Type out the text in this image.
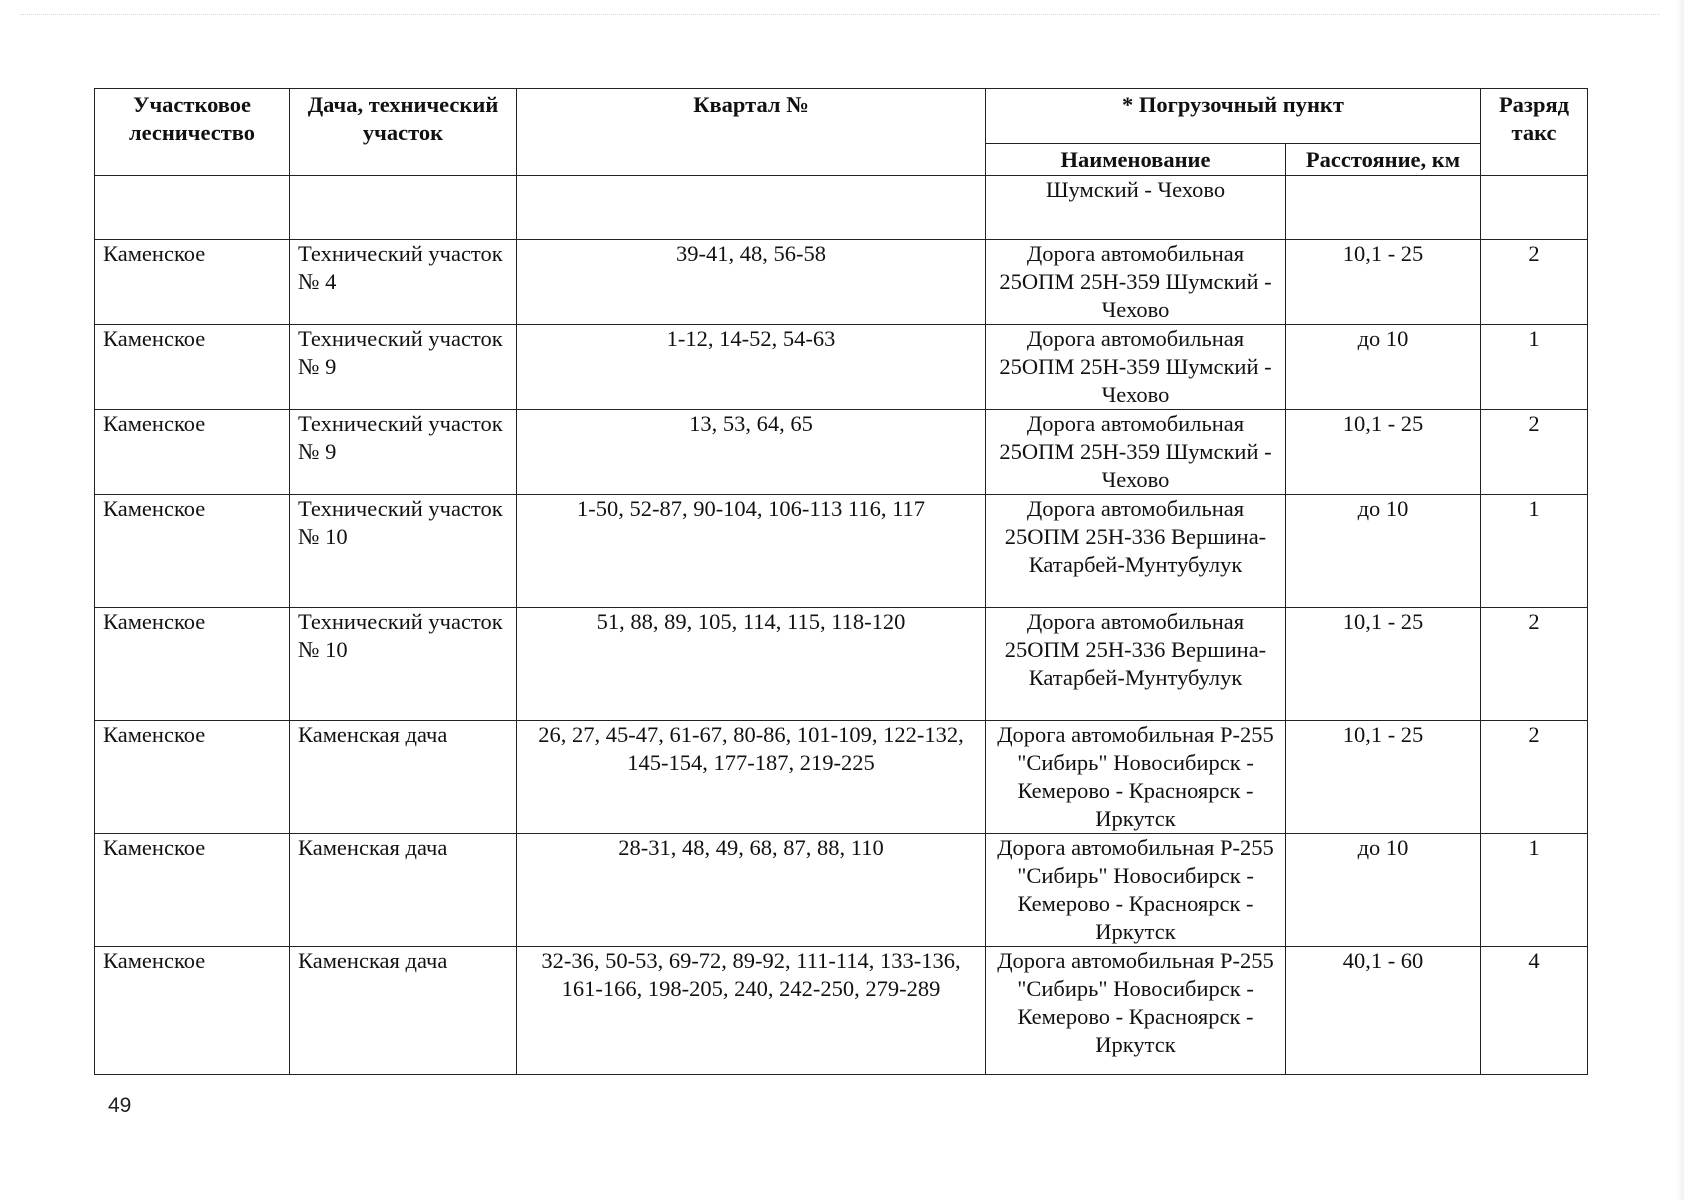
Участковое лесничество	Дача, технический участок	Квартал №	* Погрузочный пункт		Разряд такс
			Наименование	Расстояние, км	
			Шумский - Чехово		
Каменское	Технический участок № 4	39-41, 48, 56-58	Дорога автомобильная 25ОПМ 25Н-359 Шумский - Чехово	10,1 - 25	2
Каменское	Технический участок № 9	1-12, 14-52, 54-63	Дорога автомобильная 25ОПМ 25Н-359 Шумский - Чехово	до 10	1
Каменское	Технический участок № 9	13, 53, 64, 65	Дорога автомобильная 25ОПМ 25Н-359 Шумский - Чехово	10,1 - 25	2
Каменское	Технический участок № 10	1-50, 52-87, 90-104, 106-113 116, 117	Дорога автомобильная 25ОПМ 25Н-336 Вершина-Катарбей-Мунтубулук	до 10	1
Каменское	Технический участок № 10	51, 88, 89, 105, 114, 115, 118-120	Дорога автомобильная 25ОПМ 25Н-336 Вершина-Катарбей-Мунтубулук	10,1 - 25	2
Каменское	Каменская дача	26, 27, 45-47, 61-67, 80-86, 101-109, 122-132, 145-154, 177-187, 219-225	Дорога автомобильная Р-255 "Сибирь" Новосибирск - Кемерово - Красноярск - Иркутск	10,1 - 25	2
Каменское	Каменская дача	28-31, 48, 49, 68, 87, 88, 110	Дорога автомобильная Р-255 "Сибирь" Новосибирск - Кемерово - Красноярск - Иркутск	до 10	1
Каменское	Каменская дача	32-36, 50-53, 69-72, 89-92, 111-114, 133-136, 161-166, 198-205, 240, 242-250, 279-289	Дорога автомобильная Р-255 "Сибирь" Новосибирск - Кемерово - Красноярск - Иркутск	40,1 - 60	4
49
